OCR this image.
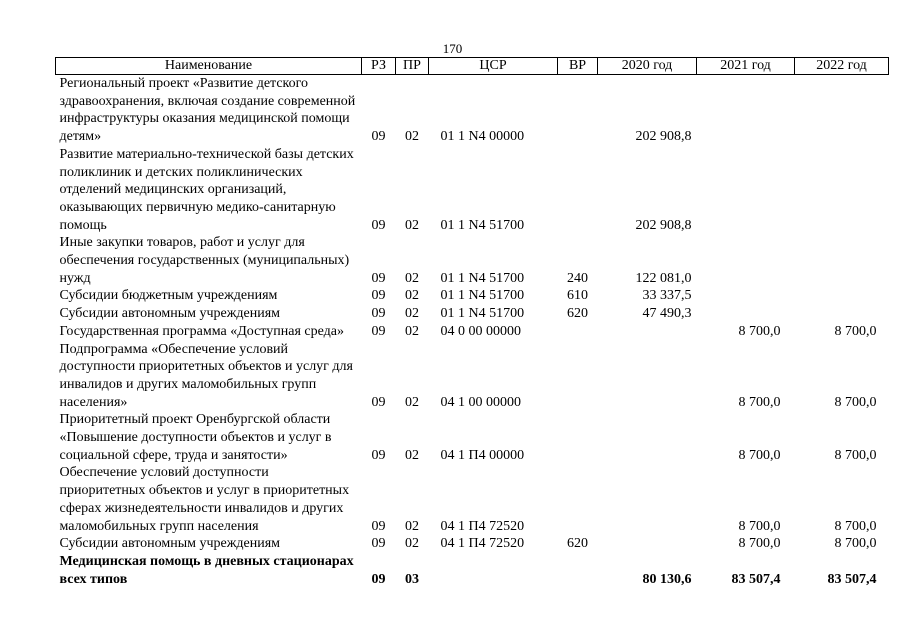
170
Наименование	РЗ	ПР	ЦСР	ВР	2020 год	2021 год	2022 год
Региональный проект «Развитие детского здравоохранения, включая создание современной инфраструктуры оказания медицинской помощи детям»	09	02	01 1 N4 00000		202 908,8		
Развитие материально-технической базы детских поликлиник и детских поликлинических отделений медицинских организаций, оказывающих первичную медико-санитарную помощь	09	02	01 1 N4 51700		202 908,8		
Иные закупки товаров, работ и услуг для обеспечения государственных (муниципальных) нужд	09	02	01 1 N4 51700	240	122 081,0		
Субсидии бюджетным учреждениям	09	02	01 1 N4 51700	610	33 337,5		
Субсидии автономным учреждениям	09	02	01 1 N4 51700	620	47 490,3		
Государственная программа «Доступная среда»	09	02	04 0 00 00000			8 700,0	8 700,0
Подпрограмма «Обеспечение условий доступности приоритетных объектов и услуг для инвалидов и других маломобильных групп населения»	09	02	04 1 00 00000			8 700,0	8 700,0
Приоритетный проект Оренбургской области «Повышение доступности объектов и услуг в социальной сфере, труда и занятости»	09	02	04 1 П4 00000			8 700,0	8 700,0
Обеспечение условий доступности приоритетных объектов и услуг в приоритетных сферах жизнедеятельности инвалидов и других маломобильных групп населения	09	02	04 1 П4 72520			8 700,0	8 700,0
Субсидии автономным учреждениям	09	02	04 1 П4 72520	620		8 700,0	8 700,0
Медицинская помощь в дневных стационарах всех типов	09	03			80 130,6	83 507,4	83 507,4
